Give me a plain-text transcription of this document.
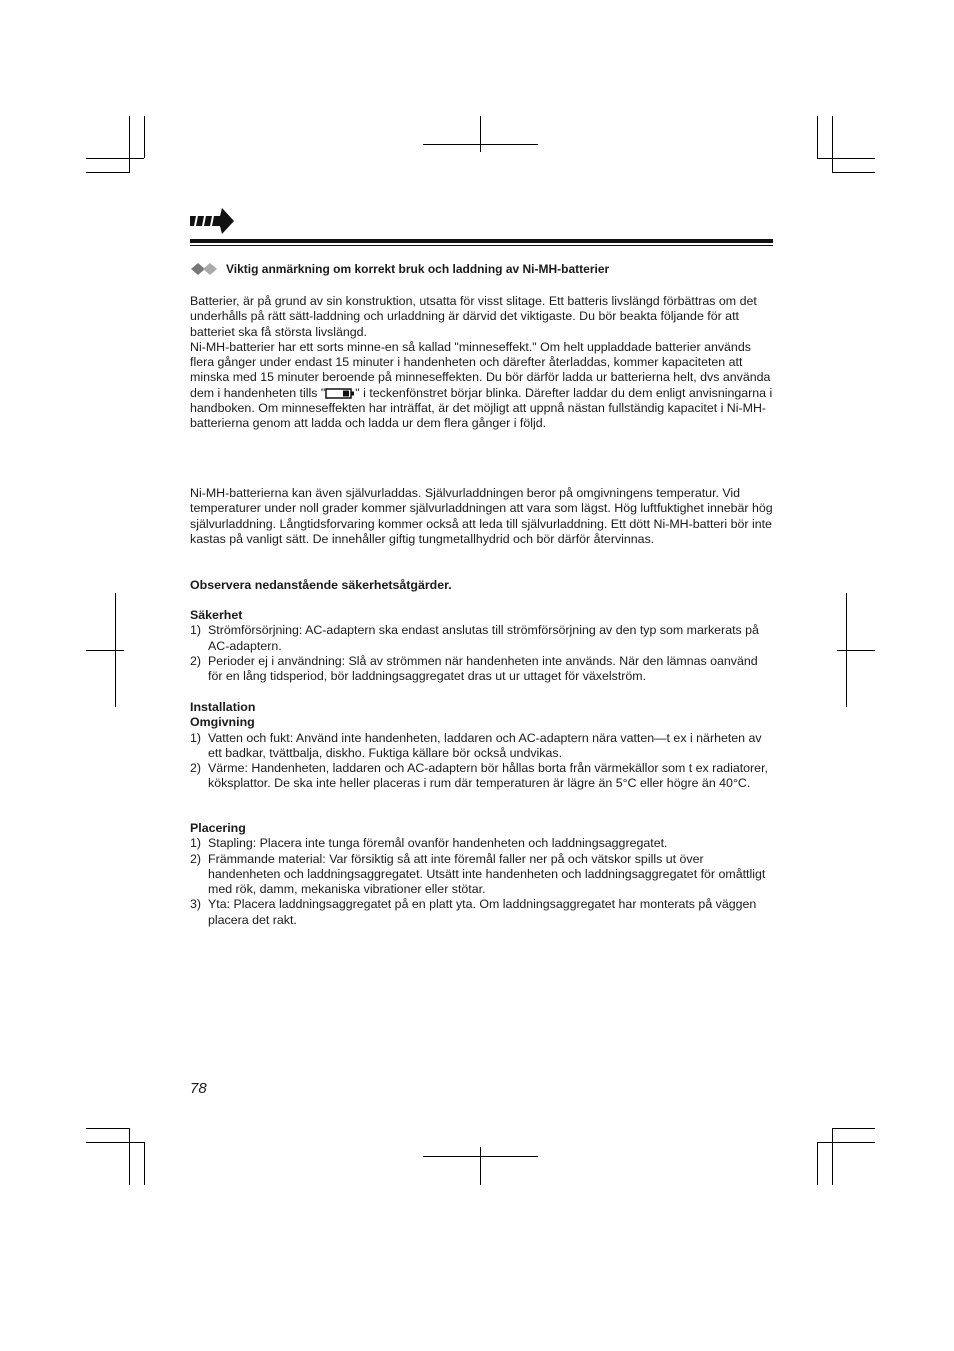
Viktig anmärkning om korrekt bruk och laddning av Ni-MH-batterier

Batterier, är på grund av sin konstruktion, utsatta för visst slitage. Ett batteris livslängd förbättras om det underhålls på rätt sätt-laddning och urladdning är därvid det viktigaste. Du bör beakta följande för att batteriet ska få största livslängd.

Ni-MH-batterier har ett sorts minne-en så kallad "minneseffekt." Om helt uppladdade batterier används flera gånger under endast 15 minuter i handenheten och därefter återladdas, kommer kapaciteten att minska med 15 minuter beroende på minneseffekten. Du bör därför ladda ur batterierna helt, dvs använda dem i handenheten tills " " i teckenfönstret börjar blinka. Därefter laddar du dem enligt anvisningarna i handboken. Om minneseffekten har inträffat, är det möjligt att uppnå nästan fullständig kapacitet i Ni-MH-batterierna genom att ladda och ladda ur dem flera gånger i följd.

Ni-MH-batterierna kan även självurladdas. Självurladdningen beror på omgivningens temperatur. Vid temperaturer under noll grader kommer självurladdningen att vara som lägst. Hög luftfuktighet innebär hög självurladdning. Långtidsforvaring kommer också att leda till självurladdning. Ett dött Ni-MH-batteri bör inte kastas på vanligt sätt. De innehåller giftig tungmetallhydrid och bör därför återvinnas.
Observera nedanstående säkerhetsåtgärder.
Säkerhet
1) Strömförsörjning: AC-adaptern ska endast anslutas till strömförsörjning av den typ som markerats på AC-adaptern.
2) Perioder ej i användning: Slå av strömmen när handenheten inte används. När den lämnas oanvänd för en lång tidsperiod, bör laddningsaggregatet dras ut ur uttaget för växelström.
Installation
Omgivning
1) Vatten och fukt: Använd inte handenheten, laddaren och AC-adaptern nära vatten—t ex i närheten av ett badkar, tvättbalja, diskho. Fuktiga källare bör också undvikas.
2) Värme: Handenheten, laddaren och AC-adaptern bör hållas borta från värmekällor som t ex radiatorer, köksplattor. De ska inte heller placeras i rum där temperaturen är lägre än 5°C eller högre än 40°C.
Placering
1) Stapling: Placera inte tunga föremål ovanför handenheten och laddningsaggregatet.
2) Främmande material: Var försiktig så att inte föremål faller ner på och vätskor spills ut över handenheten och laddningsaggregatet. Utsätt inte handenheten och laddningsaggregatet för omåttligt med rök, damm, mekaniska vibrationer eller stötar.
3) Yta: Placera laddningsaggregatet på en platt yta. Om laddningsaggregatet har monterats på väggen placera det rakt.
78
